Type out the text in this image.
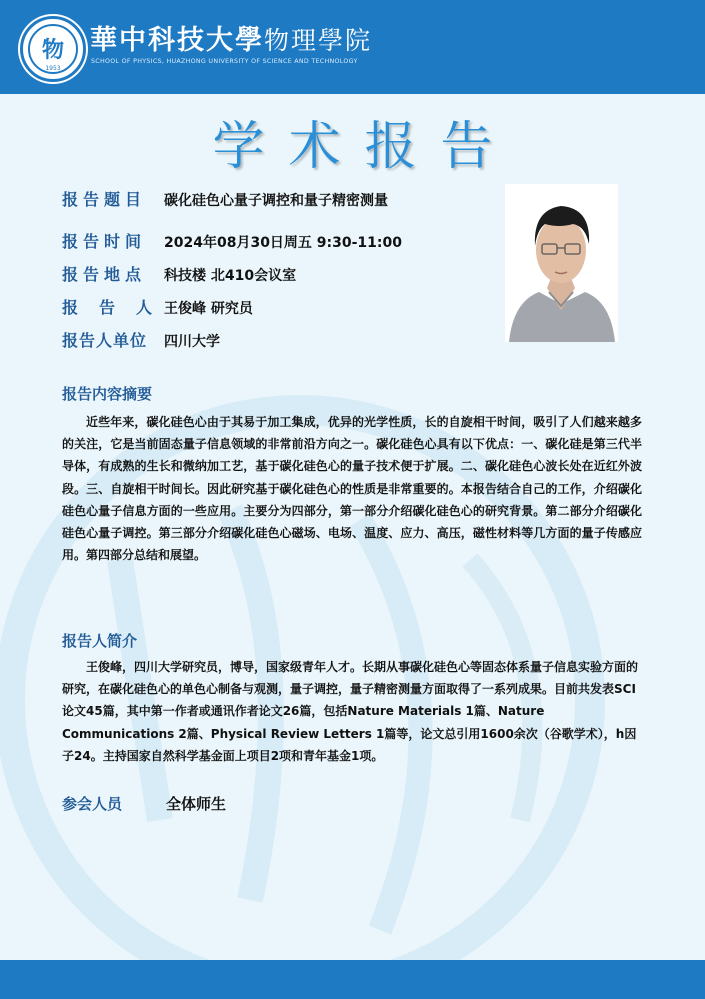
物
1953
華中科技大學物理學院
SCHOOL OF PHYSICS, HUAZHONG UNIVERSITY OF SCIENCE AND TECHNOLOGY
学术报告
报告题目 碳化硅色心量子调控和量子精密测量
报告时间 2024年08月30日周五 9:30-11:00
报告地点 科技楼 北410会议室
报告人王俊峰 研究员
报告人单位 四川大学
报告内容摘要
近些年来，碳化硅色心由于其易于加工集成，优异的光学性质，长的自旋相干时间，吸引了人们越来越多的关注，它是当前固态量子信息领域的非常前沿方向之一。碳化硅色心具有以下优点：一、碳化硅是第三代半导体，有成熟的生长和微纳加工艺，基于碳化硅色心的量子技术便于扩展。二、碳化硅色心波长处在近红外波段。三、自旋相干时间长。因此研究基于碳化硅色心的性质是非常重要的。本报告结合自己的工作，介绍碳化硅色心量子信息方面的一些应用。主要分为四部分，第一部分介绍碳化硅色心的研究背景。第二部分介绍碳化硅色心量子调控。第三部分介绍碳化硅色心磁场、电场、温度、应力、高压，磁性材料等几方面的量子传感应用。第四部分总结和展望。
报告人简介
王俊峰，四川大学研究员，博导，国家级青年人才。长期从事碳化硅色心等固态体系量子信息实验方面的研究，在碳化硅色心的单色心制备与观测，量子调控，量子精密测量方面取得了一系列成果。目前共发表SCI论文45篇，其中第一作者或通讯作者论文26篇，包括Nature Materials 1篇、Nature Communications 2篇、Physical Review Letters 1篇等，论文总引用1600余次（谷歌学术），h因子24。主持国家自然科学基金面上项目2项和青年基金1项。
参会人员	全体师生
